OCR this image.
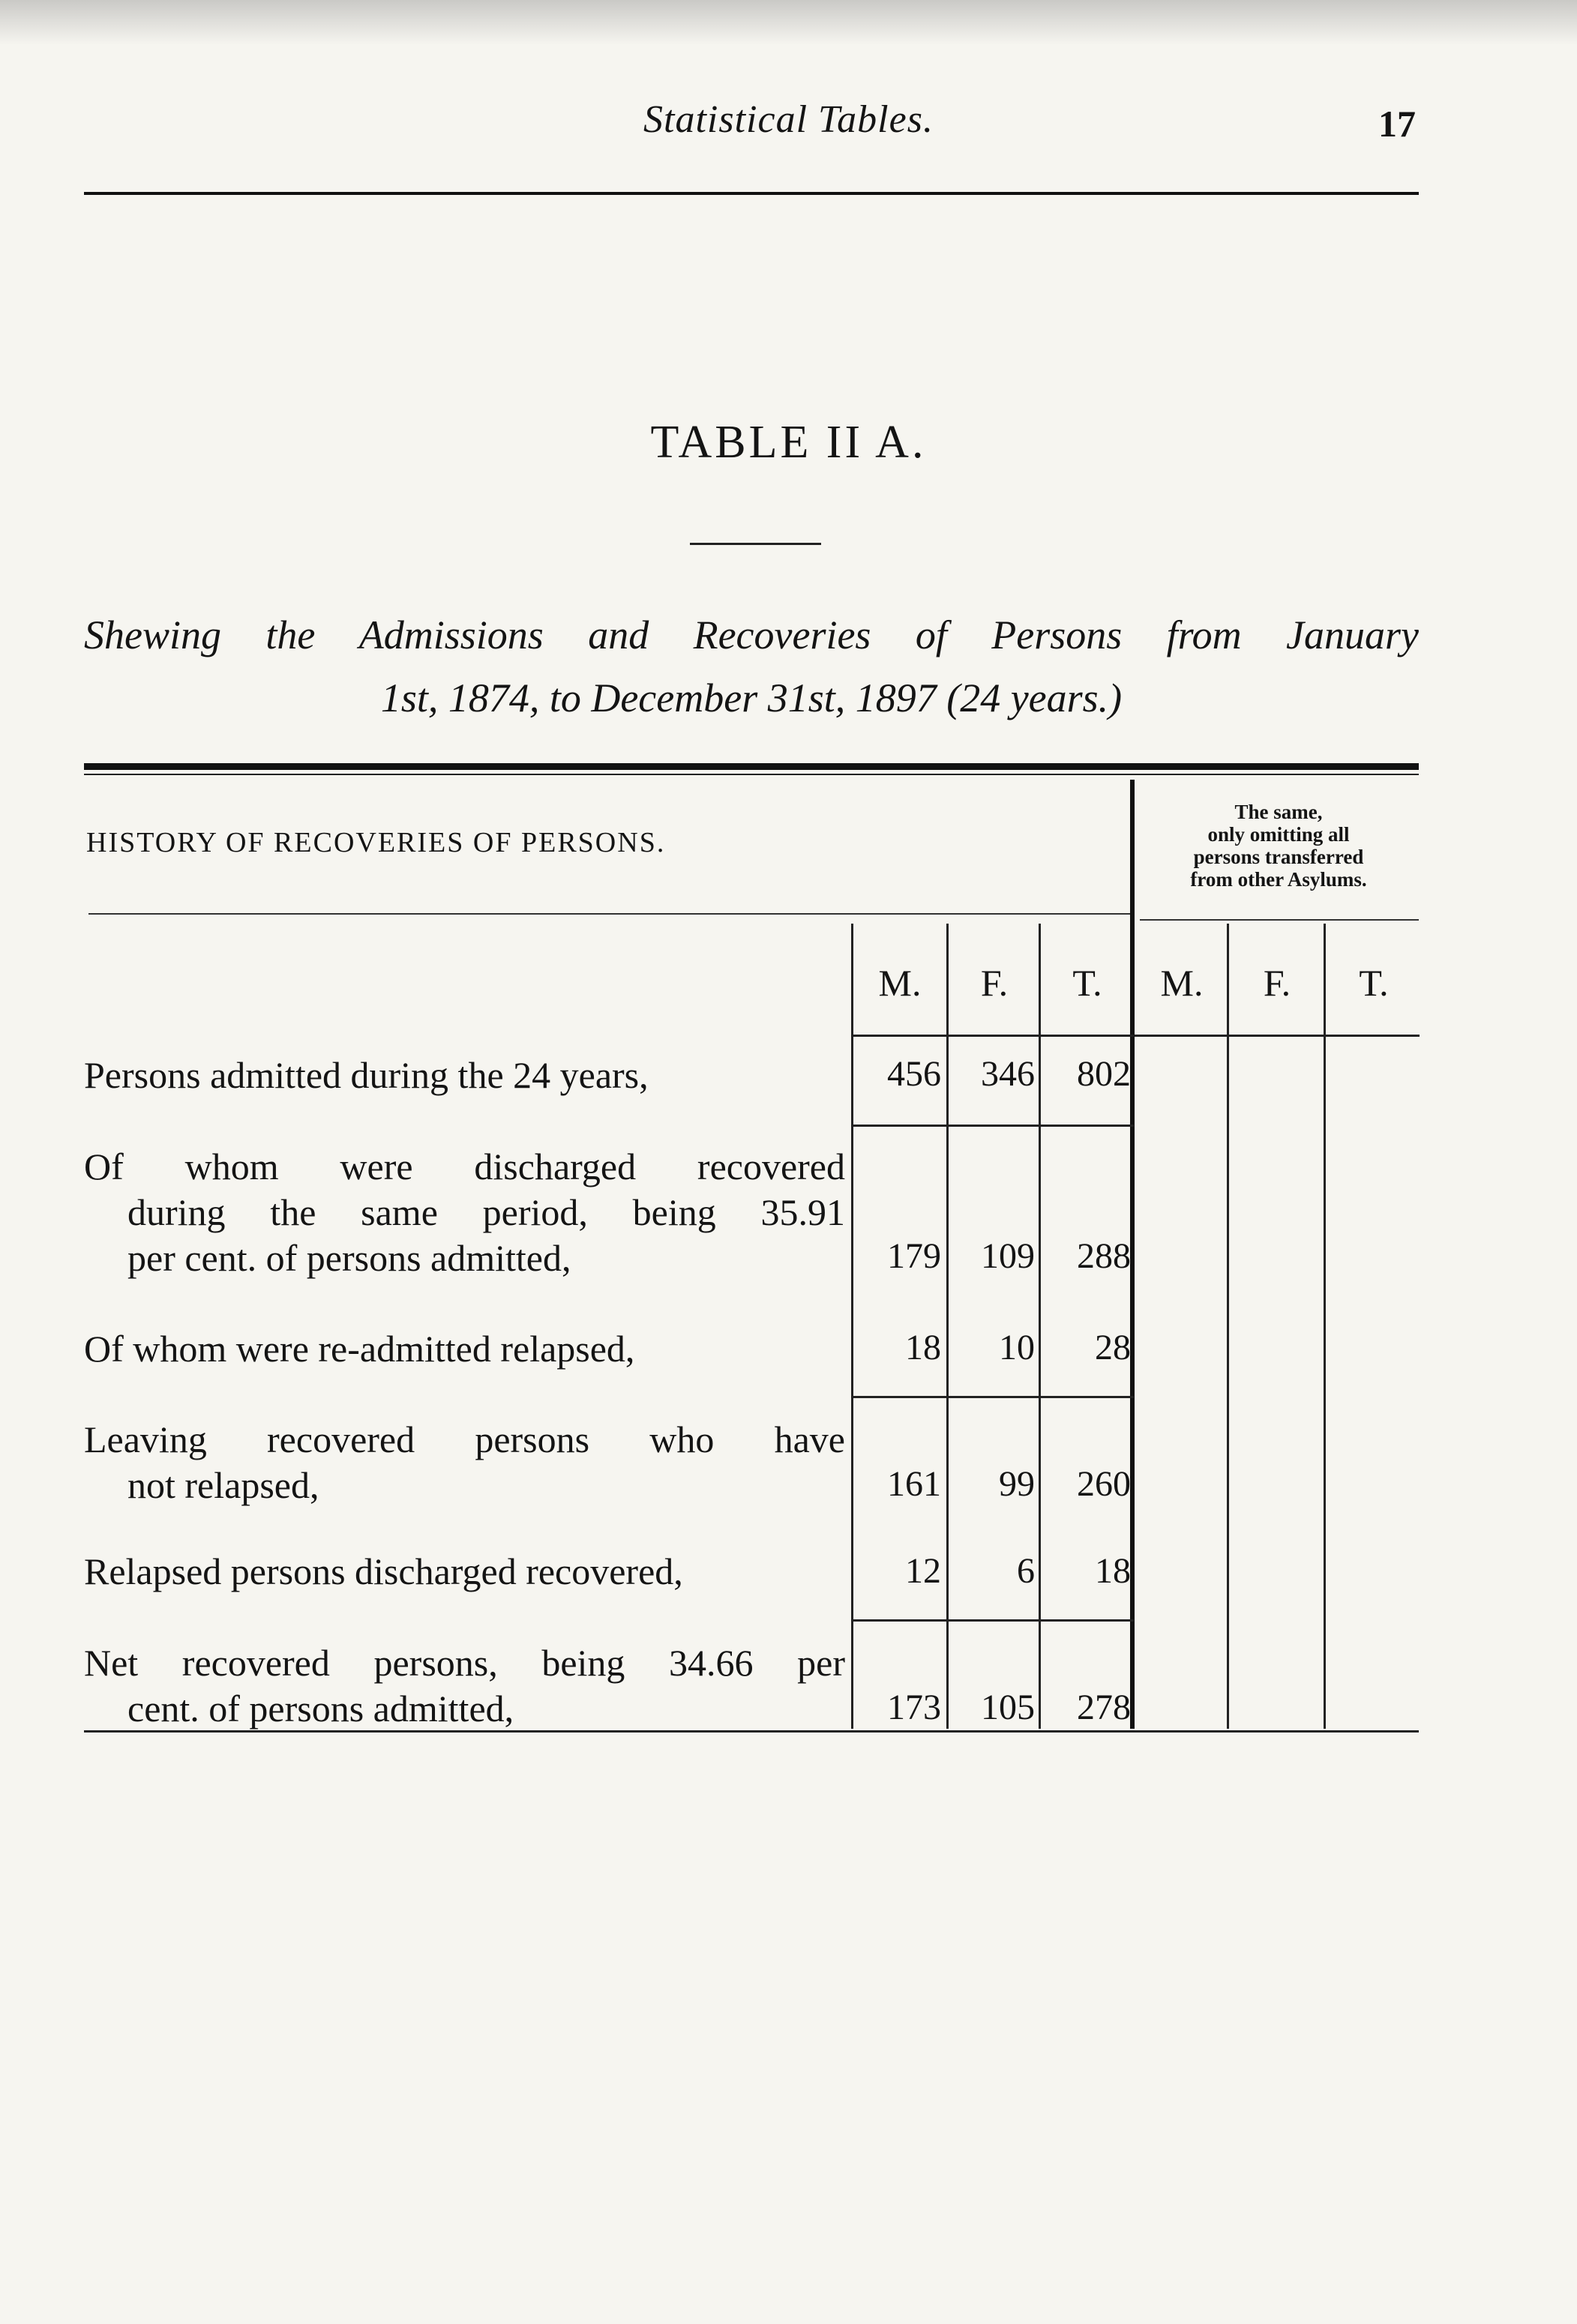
Statistical Tables.	17
TABLE II A.
Shewing the Admissions and Recoveries of Persons from January
1st, 1874, to December 31st, 1897 (24 years.)
HISTORY OF RECOVERIES OF PERSONS.
The same,
only omitting all
persons transferred
from other Asylums.
M.	F.	T.	M.	F.	T.
Persons admitted during the 24 years,	456	346	802
Of whom were discharged recovered
during the same period, being 35.91
per cent. of persons admitted,	179	109	288
Of whom were re-admitted relapsed,	18	10	28
Leaving recovered persons who have
not relapsed,	161	99	260
Relapsed persons discharged recovered,	12	6	18
Net recovered persons, being 34.66 per
cent. of persons admitted,	173	105	278
